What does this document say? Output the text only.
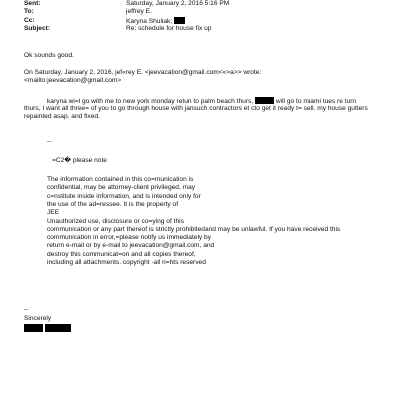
Sent:	Saturday, January 2, 2016 5:16 PM
To:	jeffrey E.
Cc:	Karyna Shuliak;
Subject:	Re: schedule for house fix up
Ok sounds good.
On Saturday, January 2, 2016, jef«rey E. <jeevacation@gmail.com<«>a>> wrote:
<mailto:jeevacation@gmail.com>
karyna wi=l go with me to new york monday retun to palm beach thurs,	will go to miami tues re turn
thurs, I want all three= of you to go through house with jansuch contractors et cto get it ready t= sell. my house gutters
repainted asap. and fixed.
--
=C2� please note
The information contained in this co=munication is
confidential, may be attorney-client privileged, may
c=nstitute inside information, and is intended only for
the use of the ad=ressee. It is the property of
JEE
Unauthorized use, disclosure or co=ying of this
communication or any part thereof is strictly prohibitedand may be unlawful. If you have received this
communication in error,=please notify us immediately by
return e-mail or by e-mail to jeevacation@gmail.com, and
destroy this communicat=on and all copies thereof,
including all attachments. copyright -all ri=hts reserved
--
Sincerely
